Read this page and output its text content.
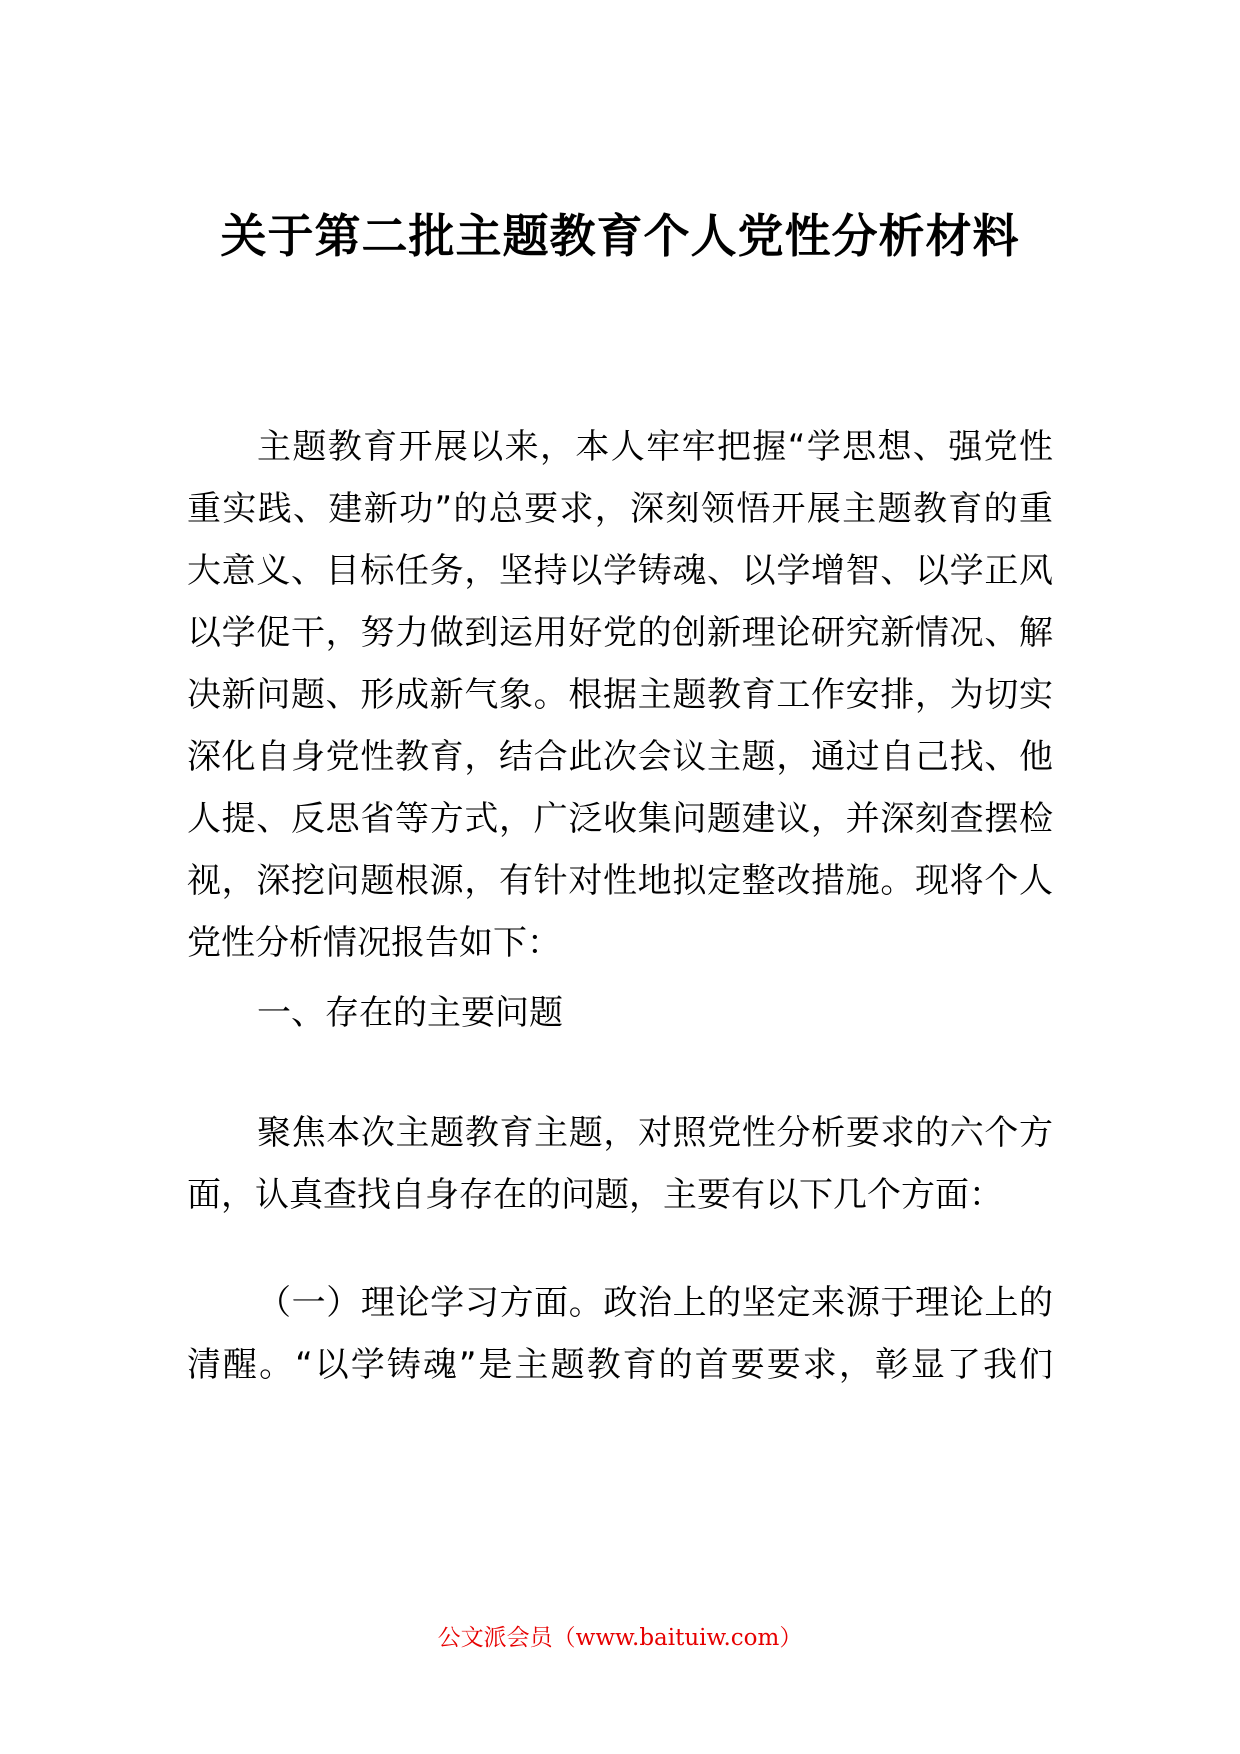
关于第二批主题教育个人党性分析材料
主题教育开展以来，本人牢牢把握“学思想、强党性
重实践、建新功”的总要求，深刻领悟开展主题教育的重
大意义、目标任务，坚持以学铸魂、以学增智、以学正风
以学促干，努力做到运用好党的创新理论研究新情况、解
决新问题、形成新气象。根据主题教育工作安排，为切实
深化自身党性教育，结合此次会议主题，通过自己找、他
人提、反思省等方式，广泛收集问题建议，并深刻查摆检
视，深挖问题根源，有针对性地拟定整改措施。现将个人
党性分析情况报告如下：
一、存在的主要问题
聚焦本次主题教育主题，对照党性分析要求的六个方
面，认真查找自身存在的问题，主要有以下几个方面：
（一）理论学习方面。政治上的坚定来源于理论上的
清醒。“以学铸魂”是主题教育的首要要求，彰显了我们
公文派会员（www.baituiw.com）
